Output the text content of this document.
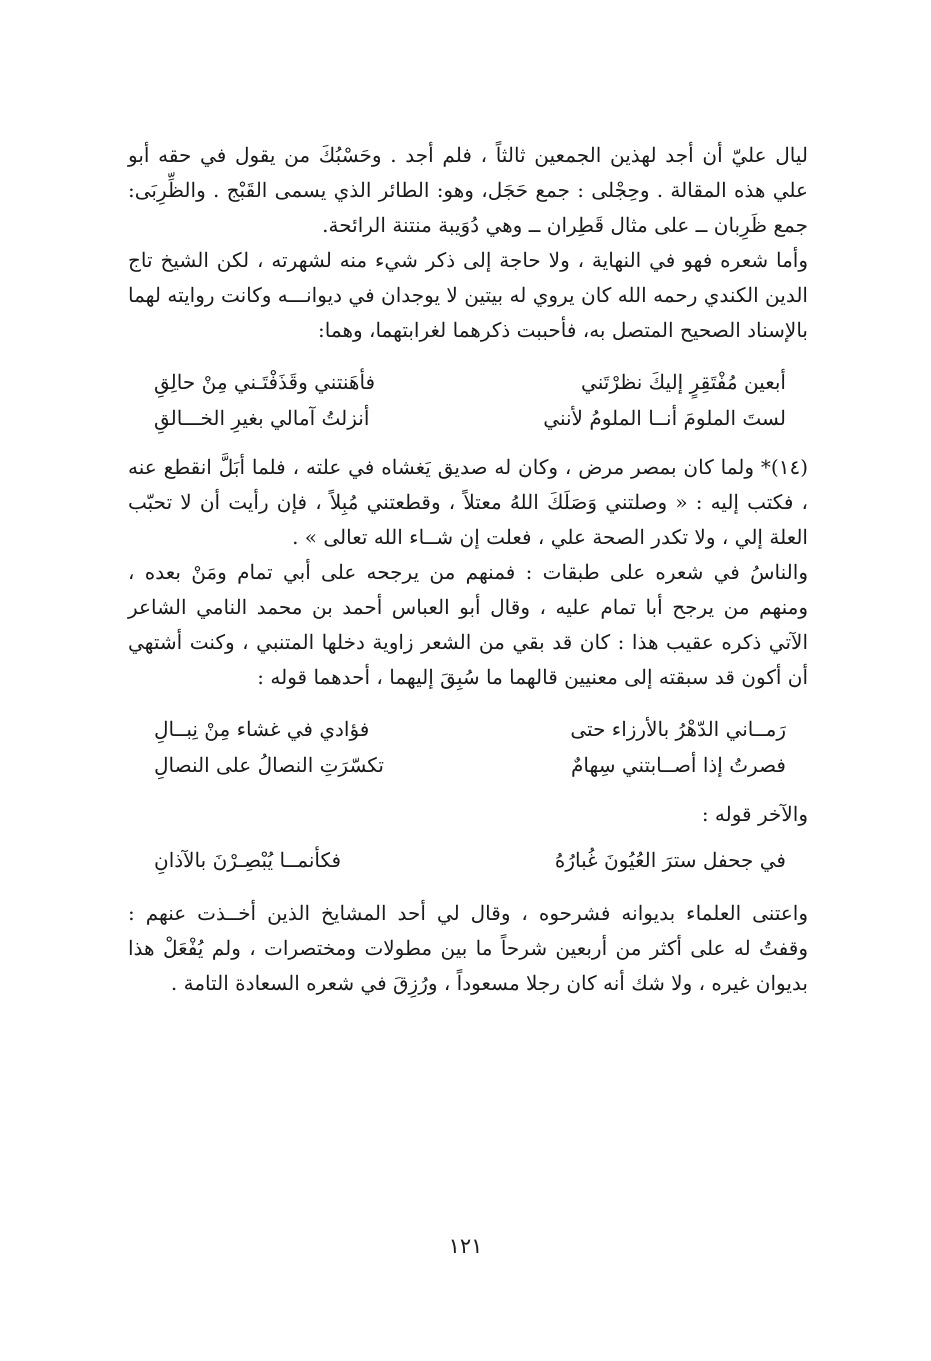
ليال عليّ أن أجد لهذين الجمعين ثالثاً ، فلم أجد . وحَسْبُكَ من يقول في حقه أبو علي هذه المقالة . وحِجْلى : جمع حَجَل، وهو: الطائر الذي يسمى القَبْج . والظِّرِبَى: جمع ظَرِبان ــ على مثال قَطِران ــ وهي دُوَيبة منتنة الرائحة.

وأما شعره فهو في النهاية ، ولا حاجة إلى ذكر شيء منه لشهرته ، لكن الشيخ تاج الدين الكندي رحمه الله كان يروي له بيتين لا يوجدان في ديوانـــه وكانت روايته لهما بالإسناد الصحيح المتصل به، فأحببت ذكرهما لغرابتهما، وهما:

أبعين مُفْتَقِرٍ إليكَ نظرْتَني
فأهَنتني وقَذَفْتَـني مِنْ حالِقِ
لستَ الملومَ أنــا الملومُ لأنني
أنزلتُ آمالي بغيرِ الخـــالقِ

(١٤)* ولما كان بمصر مرض ، وكان له صديق يَغشاه في علته ، فلما أبَلَّ انقطع عنه ، فكتب إليه : « وصلتني وَصَلَكَ اللهُ معتلاً ، وقطعتني مُبِلاً ، فإن رأيت أن لا تحبّب العلة إلي ، ولا تكدر الصحة علي ، فعلت إن شــاء الله تعالى » .

والناسُ في شعره على طبقات : فمنهم من يرجحه على أبي تمام ومَنْ بعده ، ومنهم من يرجح أبا تمام عليه ، وقال أبو العباس أحمد بن محمد النامي الشاعر الآتي ذكره عقيب هذا : كان قد بقي من الشعر زاوية دخلها المتنبي ، وكنت أشتهي أن أكون قد سبقته إلى معنيين قالهما ما سُبِقَ إليهما ، أحدهما قوله :

رَمــاني الدّهْرُ بالأرزاء حتى
فؤادي في غشاء مِنْ نِبــالِ
فصرتُ إذا أصــابتني سِهامٌ
تكسّرَتِ النصالُ على النصالِ

والآخر قوله :

في جحفل سترَ العُيُونَ غُبارُهُ
فكأنمــا يُبْصِـرْنَ بالآذانِ

واعتنى العلماء بديوانه فشرحوه ، وقال لي أحد المشايخ الذين أخــذت عنهم : وقفتُ له على أكثر من أربعين شرحاً ما بين مطولات ومختصرات ، ولم يُفْعَلْ هذا بديوان غيره ، ولا شك أنه كان رجلا مسعوداً ، ورُزِقَ في شعره السعادة التامة .

١٢١
